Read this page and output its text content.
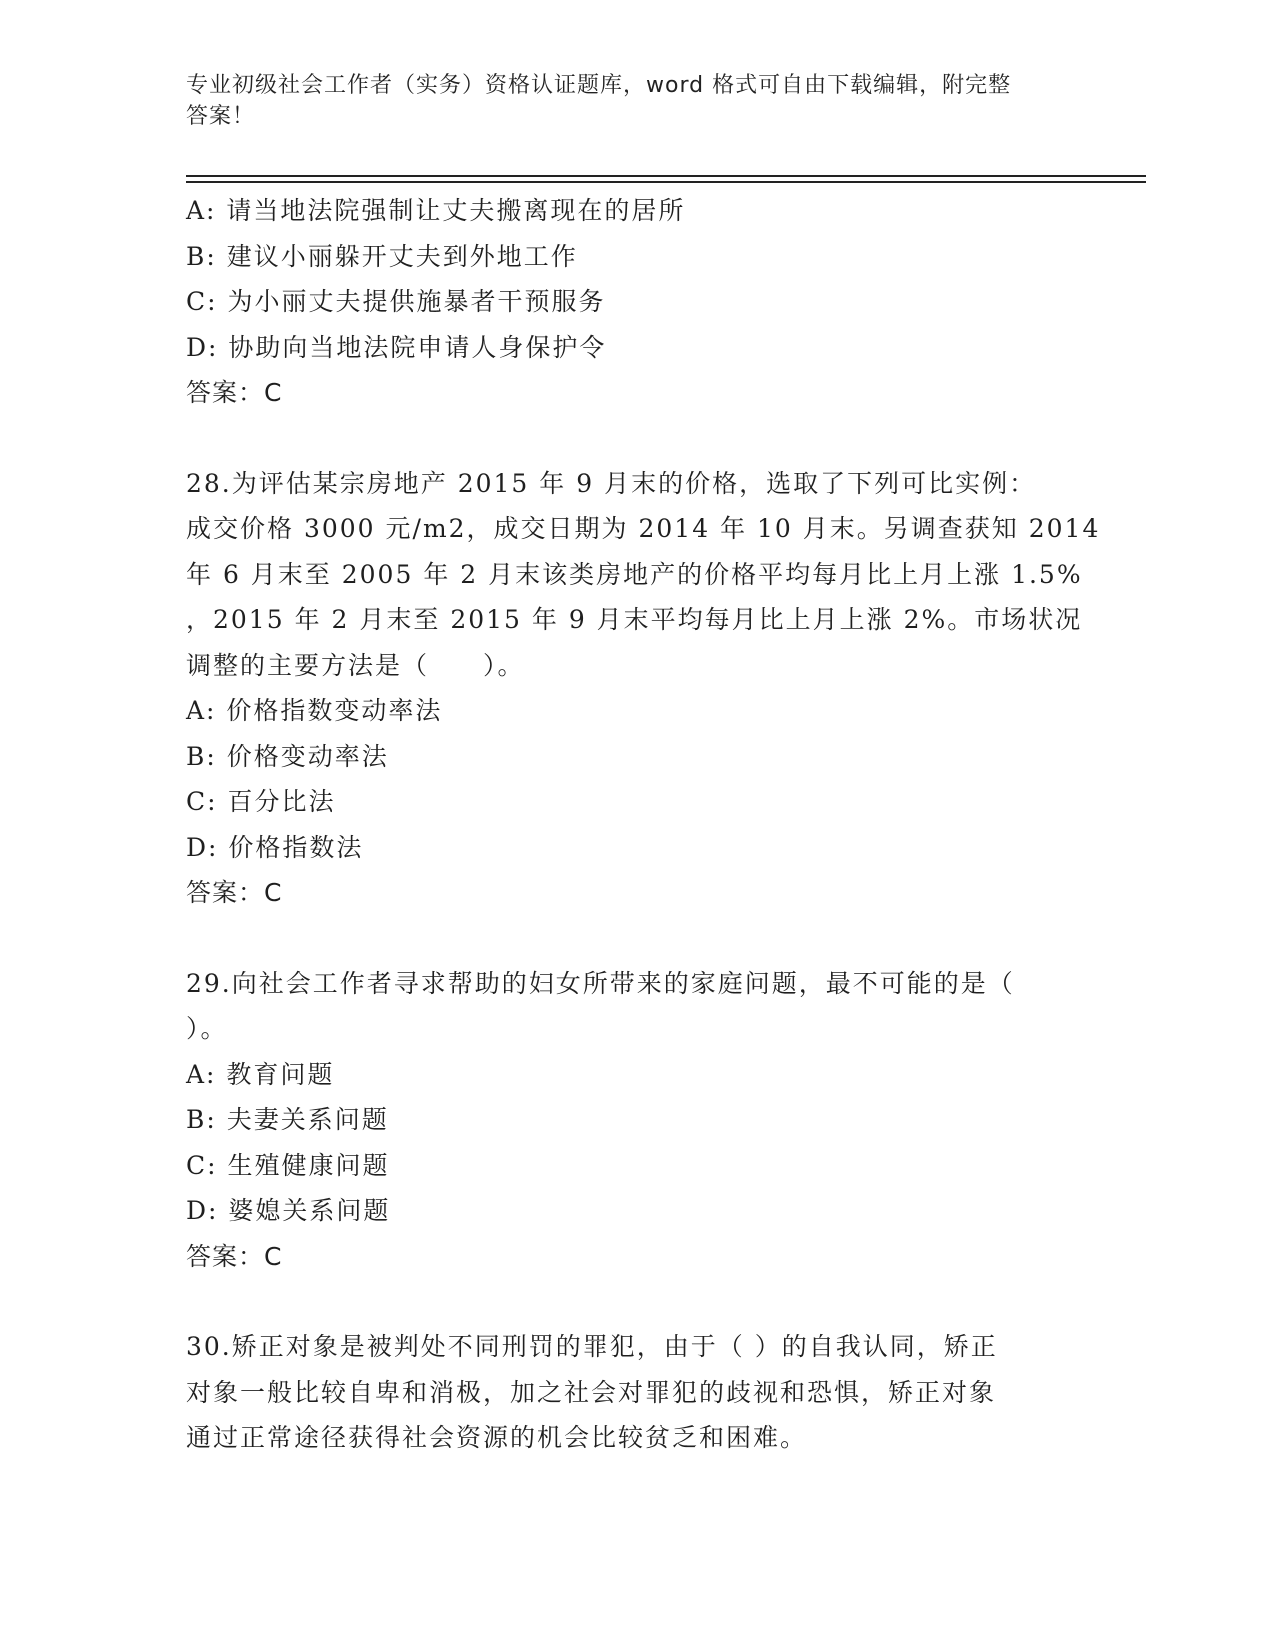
专业初级社会工作者（实务）资格认证题库，word 格式可自由下载编辑，附完整
答案！
A: 请当地法院强制让丈夫搬离现在的居所
B: 建议小丽躲开丈夫到外地工作
C: 为小丽丈夫提供施暴者干预服务
D: 协助向当地法院申请人身保护令
答案：C
28.为评估某宗房地产 2015 年 9 月末的价格，选取了下列可比实例：
成交价格 3000 元/m2，成交日期为 2014 年 10 月末。另调查获知 2014
年 6 月末至 2005 年 2 月末该类房地产的价格平均每月比上月上涨 1.5%
，2015 年 2 月末至 2015 年 9 月末平均每月比上月上涨 2%。市场状况
调整的主要方法是（　　）。
A: 价格指数变动率法
B: 价格变动率法
C: 百分比法
D: 价格指数法
答案：C
29.向社会工作者寻求帮助的妇女所带来的家庭问题，最不可能的是（
）。
A: 教育问题
B: 夫妻关系问题
C: 生殖健康问题
D: 婆媳关系问题
答案：C
30.矫正对象是被判处不同刑罚的罪犯，由于（ ）的自我认同，矫正
对象一般比较自卑和消极，加之社会对罪犯的歧视和恐惧，矫正对象
通过正常途径获得社会资源的机会比较贫乏和困难。
